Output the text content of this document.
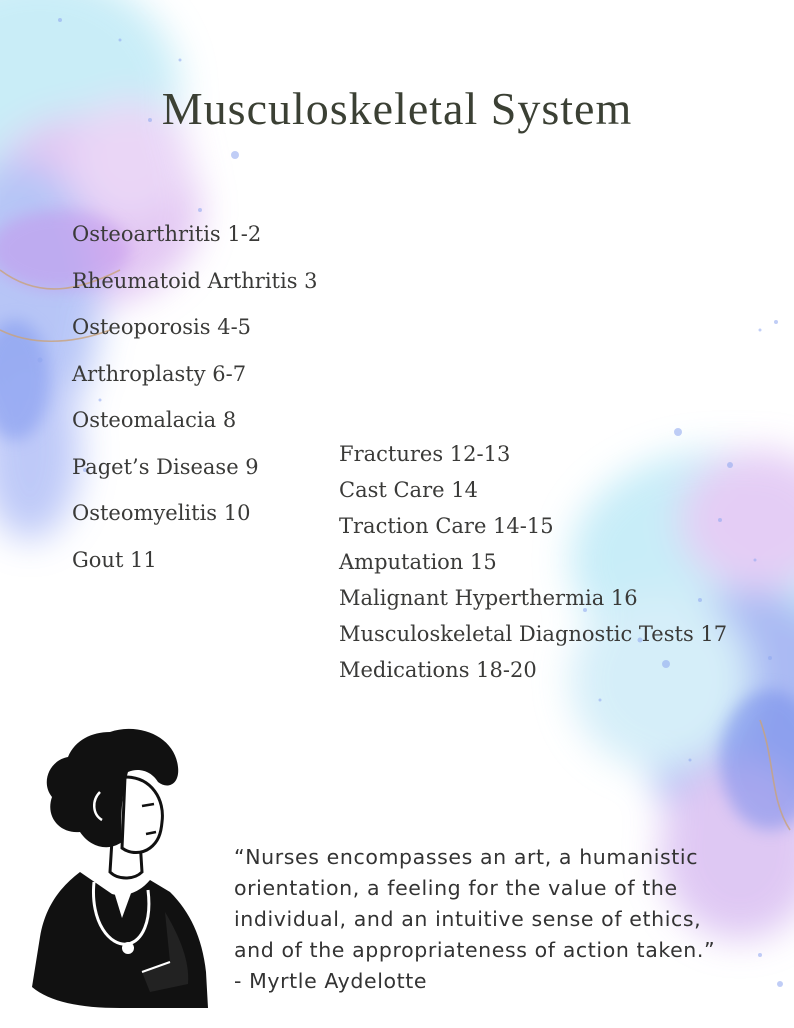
Musculoskeletal System
Osteoarthritis 1-2
Rheumatoid Arthritis 3
Osteoporosis 4-5
Arthroplasty 6-7
Osteomalacia 8
Paget’s Disease 9
Osteomyelitis 10
Gout 11
Fractures 12-13
Cast Care 14
Traction Care 14-15
Amputation 15
Malignant Hyperthermia 16
Musculoskeletal Diagnostic Tests 17
Medications 18-20
“Nurses encompasses an art, a humanistic
orientation, a feeling for the value of the
individual, and an intuitive sense of ethics,
and of the appropriateness of action taken.”
- Myrtle Aydelotte
